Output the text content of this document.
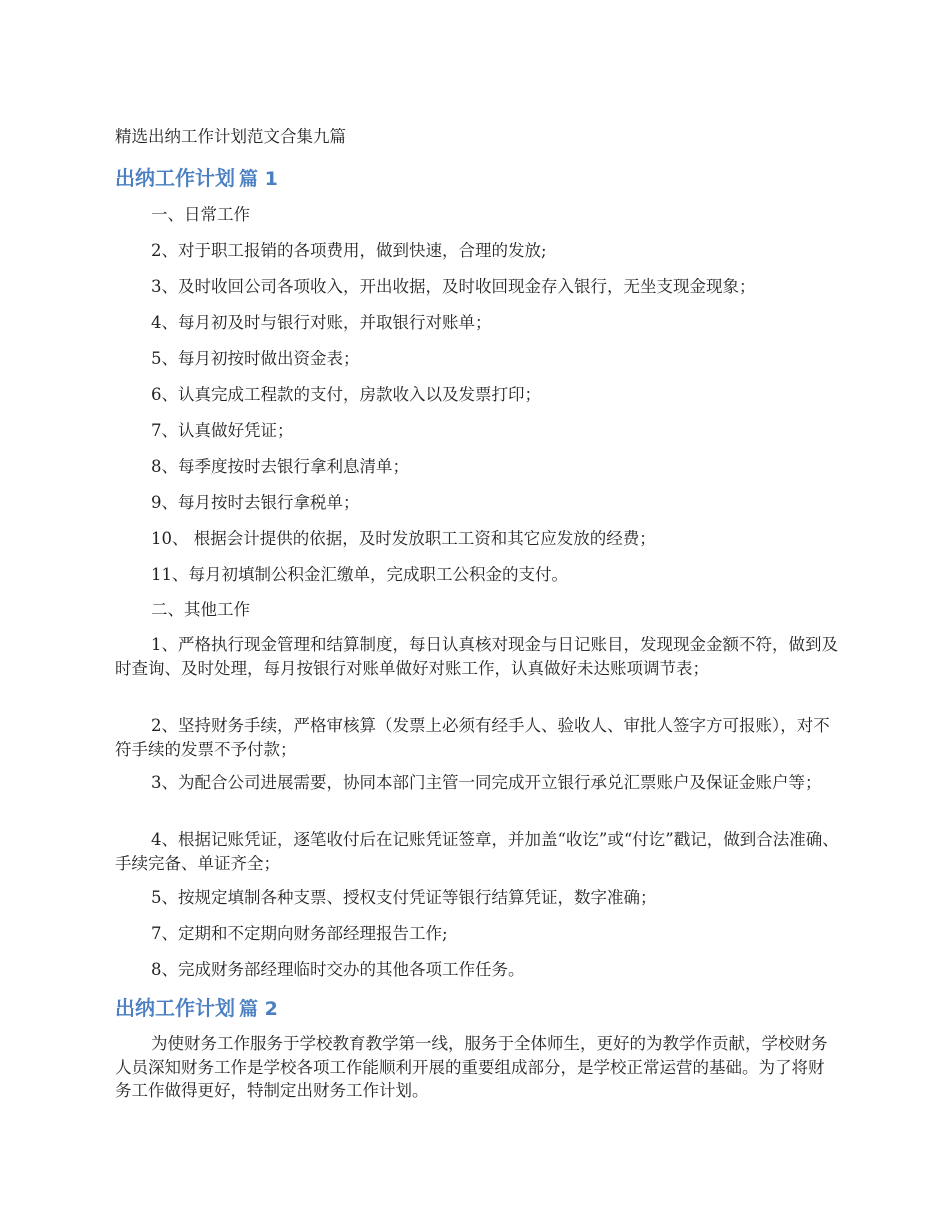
精选出纳工作计划范文合集九篇
出纳工作计划 篇 1
一、日常工作
2、对于职工报销的各项费用，做到快速，合理的发放;
3、及时收回公司各项收入，开出收据，及时收回现金存入银行，无坐支现金现象；
4、每月初及时与银行对账，并取银行对账单；
5、每月初按时做出资金表；
6、认真完成工程款的支付，房款收入以及发票打印；
7、认真做好凭证；
8、每季度按时去银行拿利息清单；
9、每月按时去银行拿税单；
10、 根据会计提供的依据，及时发放职工工资和其它应发放的经费；
11、每月初填制公积金汇缴单，完成职工公积金的支付。
二、其他工作
1、严格执行现金管理和结算制度，每日认真核对现金与日记账目，发现现金金额不符，做到及时查询、及时处理，每月按银行对账单做好对账工作，认真做好未达账项调节表；
2、坚持财务手续，严格审核算（发票上必须有经手人、验收人、审批人签字方可报账），对不符手续的发票不予付款；
3、为配合公司进展需要，协同本部门主管一同完成开立银行承兑汇票账户及保证金账户等；
4、根据记账凭证，逐笔收付后在记账凭证签章，并加盖“收讫”或“付讫”戳记，做到合法准确、手续完备、单证齐全；
5、按规定填制各种支票、授权支付凭证等银行结算凭证，数字准确；
7、定期和不定期向财务部经理报告工作;
8、完成财务部经理临时交办的其他各项工作任务。
出纳工作计划 篇 2
为使财务工作服务于学校教育教学第一线，服务于全体师生，更好的为教学作贡献，学校财务人员深知财务工作是学校各项工作能顺利开展的重要组成部分，是学校正常运营的基础。为了将财务工作做得更好，特制定出财务工作计划。
